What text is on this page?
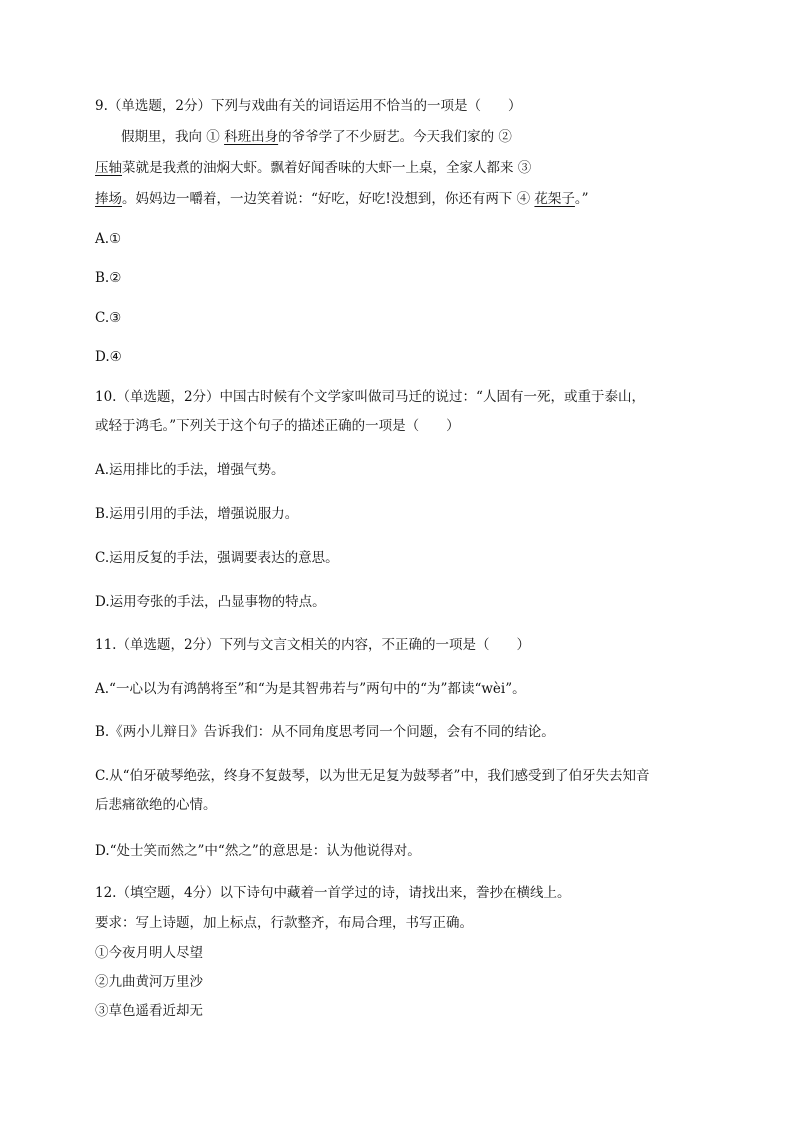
9.（单选题，2分）下列与戏曲有关的词语运用不恰当的一项是（　　）
假期里，我向 ① 科班出身的爷爷学了不少厨艺。今天我们家的 ②
压轴菜就是我煮的油焖大虾。飘着好闻香味的大虾一上桌，全家人都来 ③
捧场。妈妈边一嚼着，一边笑着说：“好吃，好吃!没想到，你还有两下 ④ 花架子。”
A.①
B.②
C.③
D.④
10.（单选题，2分）中国古时候有个文学家叫做司马迁的说过：“人固有一死，或重于泰山，
或轻于鸿毛。”下列关于这个句子的描述正确的一项是（　　）
A.运用排比的手法，增强气势。
B.运用引用的手法，增强说服力。
C.运用反复的手法，强调要表达的意思。
D.运用夸张的手法，凸显事物的特点。
11.（单选题，2分）下列与文言文相关的内容，不正确的一项是（　　）
A.“一心以为有鸿鹄将至”和“为是其智弗若与”两句中的“为”都读“wèi”。
B.《两小儿辩日》告诉我们：从不同角度思考同一个问题，会有不同的结论。
C.从“伯牙破琴绝弦，终身不复鼓琴，以为世无足复为鼓琴者”中，我们感受到了伯牙失去知音
后悲痛欲绝的心情。
D.“处士笑而然之”中“然之”的意思是：认为他说得对。
12.（填空题，4分）以下诗句中藏着一首学过的诗，请找出来，誊抄在横线上。
要求：写上诗题，加上标点，行款整齐，布局合理，书写正确。
①今夜月明人尽望
②九曲黄河万里沙
③草色遥看近却无
